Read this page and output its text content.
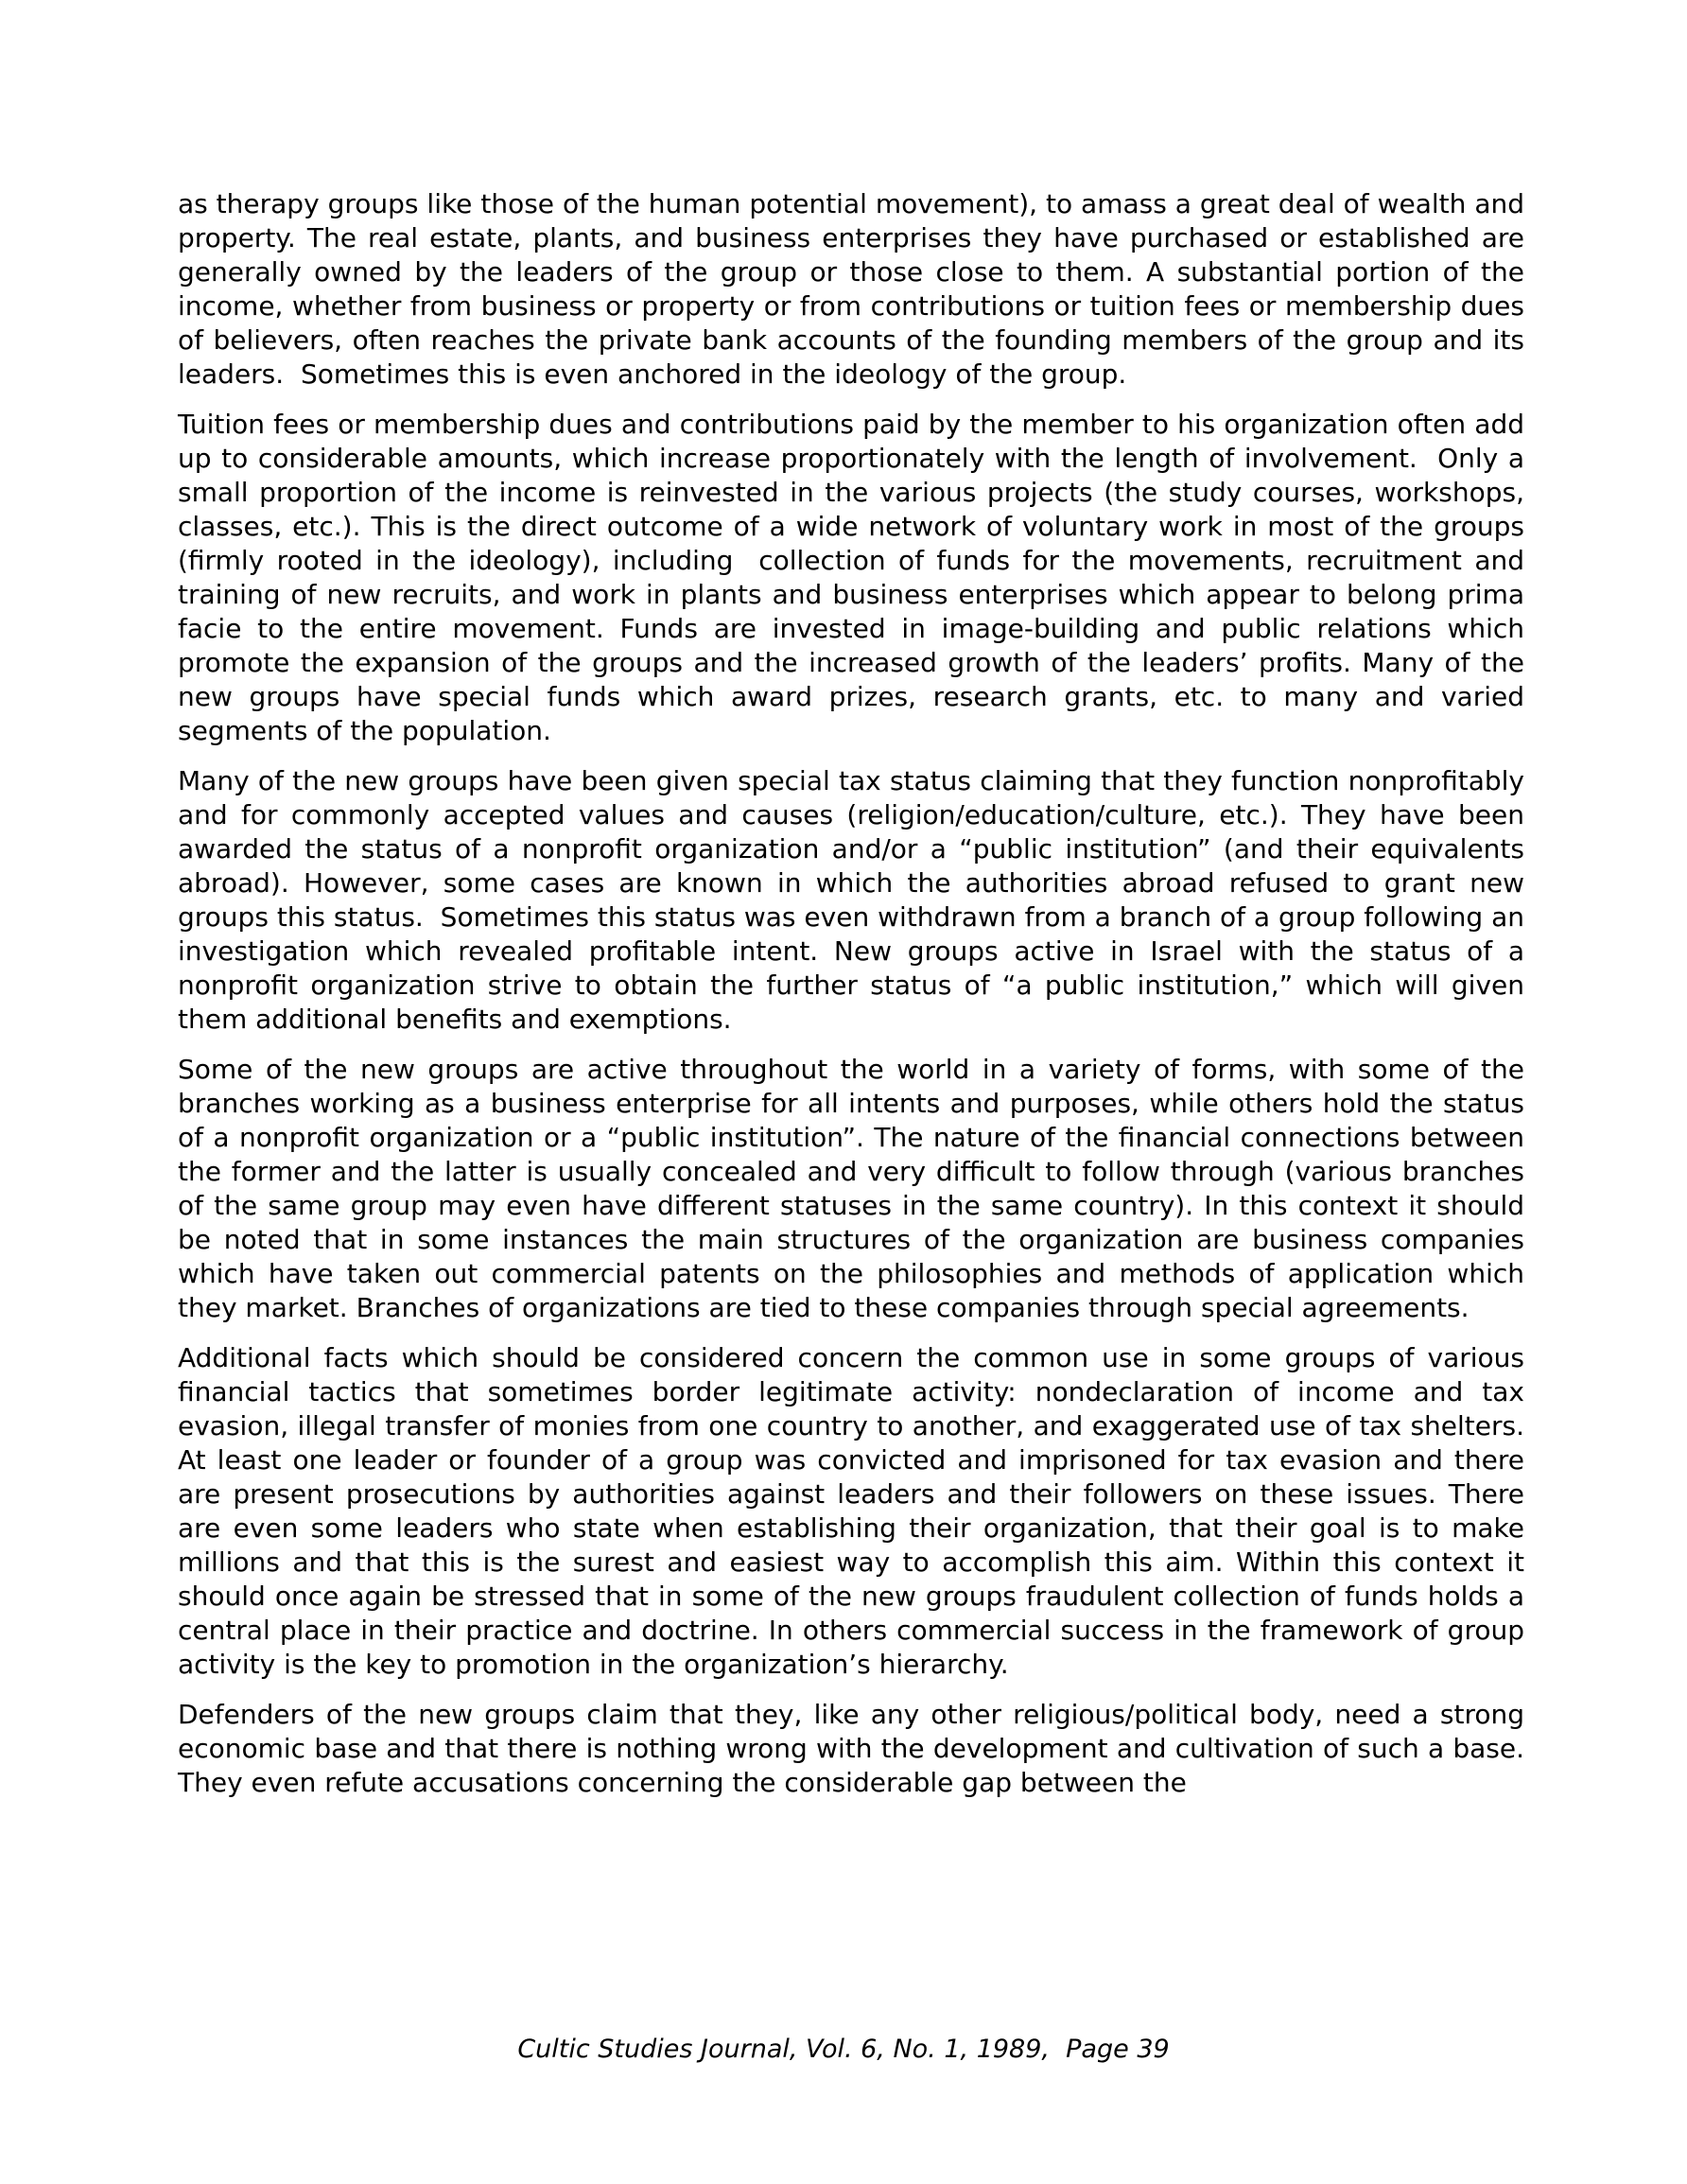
as therapy groups like those of the human potential movement), to amass a great deal of wealth and property. The real estate, plants, and business enterprises they have purchased or established are generally owned by the leaders of the group or those close to them. A substantial portion of the income, whether from business or property or from contributions or tuition fees or membership dues of believers, often reaches the private bank accounts of the founding members of the group and its leaders.  Sometimes this is even anchored in the ideology of the group.

Tuition fees or membership dues and contributions paid by the member to his organization often add up to considerable amounts, which increase proportionately with the length of involvement.  Only a small proportion of the income is reinvested in the various projects (the study courses, workshops, classes, etc.). This is the direct outcome of a wide network of voluntary work in most of the groups (firmly rooted in the ideology), including  collection of funds for the movements, recruitment and training of new recruits, and work in plants and business enterprises which appear to belong prima facie to the entire movement. Funds are invested in image-building and public relations which promote the expansion of the groups and the increased growth of the leaders’ profits. Many of the new groups have special funds which award prizes, research grants, etc. to many and varied segments of the population.

Many of the new groups have been given special tax status claiming that they function nonprofitably and for commonly accepted values and causes (religion/education/culture, etc.). They have been awarded the status of a nonprofit organization and/or a “public institution” (and their equivalents abroad). However, some cases are known in which the authorities abroad refused to grant new groups this status.  Sometimes this status was even withdrawn from a branch of a group following an investigation which revealed profitable intent. New groups active in Israel with the status of a nonprofit organization strive to obtain the further status of “a public institution,” which will given them additional benefits and exemptions.

Some of the new groups are active throughout the world in a variety of forms, with some of the branches working as a business enterprise for all intents and purposes, while others hold the status of a nonprofit organization or a “public institution”. The nature of the financial connections between the former and the latter is usually concealed and very difficult to follow through (various branches of the same group may even have different statuses in the same country). In this context it should be noted that in some instances the main structures of the organization are business companies which have taken out commercial patents on the philosophies and methods of application which they market. Branches of organizations are tied to these companies through special agreements.

Additional facts which should be considered concern the common use in some groups of various financial tactics that sometimes border legitimate activity: nondeclaration of income and tax evasion, illegal transfer of monies from one country to another, and exaggerated use of tax shelters. At least one leader or founder of a group was convicted and imprisoned for tax evasion and there are present prosecutions by authorities against leaders and their followers on these issues. There are even some leaders who state when establishing their organization, that their goal is to make millions and that this is the surest and easiest way to accomplish this aim. Within this context it should once again be stressed that in some of the new groups fraudulent collection of funds holds a central place in their practice and doctrine. In others commercial success in the framework of group activity is the key to promotion in the organization’s hierarchy.

Defenders of the new groups claim that they, like any other religious/political body, need a strong economic base and that there is nothing wrong with the development and cultivation of such a base. They even refute accusations concerning the considerable gap between the

Cultic Studies Journal, Vol. 6, No. 1, 1989,  Page 39
